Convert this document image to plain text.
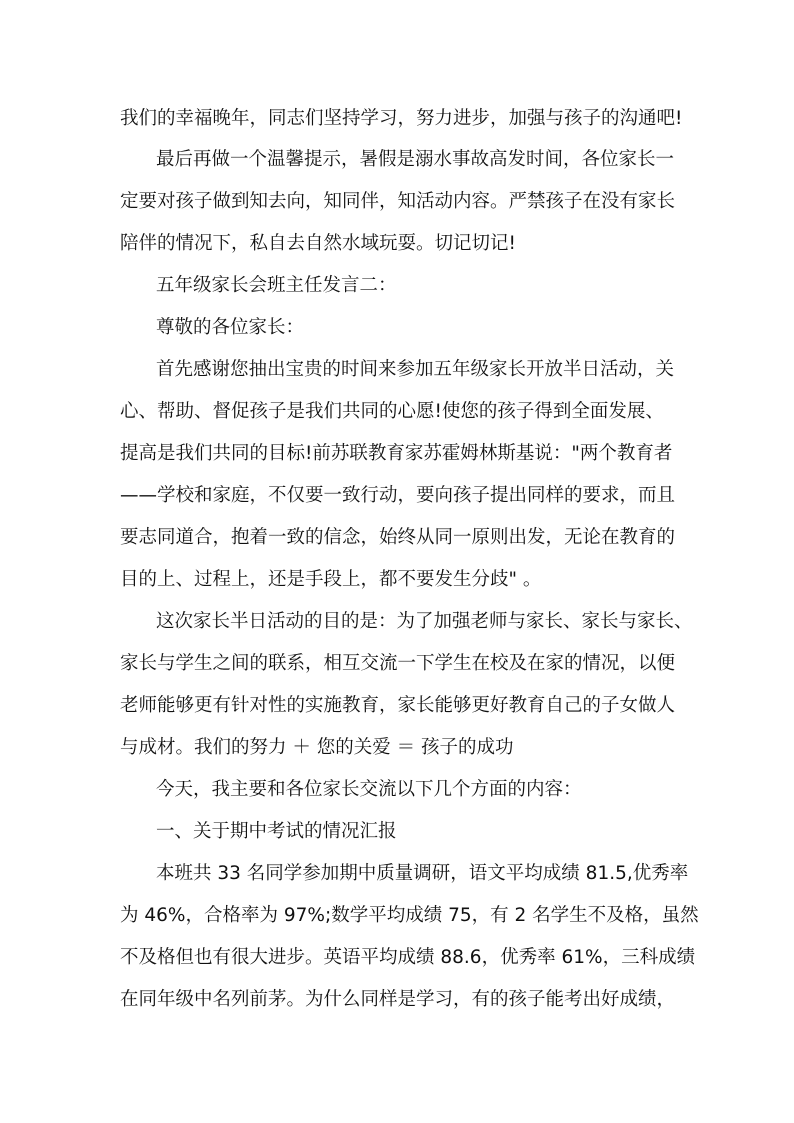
我们的幸福晚年，同志们坚持学习，努力进步，加强与孩子的沟通吧!
最后再做一个温馨提示，暑假是溺水事故高发时间，各位家长一
定要对孩子做到知去向，知同伴，知活动内容。严禁孩子在没有家长
陪伴的情况下，私自去自然水域玩耍。切记切记!
五年级家长会班主任发言二：
尊敬的各位家长：
首先感谢您抽出宝贵的时间来参加五年级家长开放半日活动，关
心、帮助、督促孩子是我们共同的心愿!使您的孩子得到全面发展、
提高是我们共同的目标!前苏联教育家苏霍姆林斯基说："两个教育者
——学校和家庭，不仅要一致行动，要向孩子提出同样的要求，而且
要志同道合，抱着一致的信念，始终从同一原则出发，无论在教育的
目的上、过程上，还是手段上，都不要发生分歧" 。
这次家长半日活动的目的是：为了加强老师与家长、家长与家长、
家长与学生之间的联系，相互交流一下学生在校及在家的情况，以便
老师能够更有针对性的实施教育，家长能够更好教育自己的子女做人
与成材。我们的努力 ＋ 您的关爱 ＝ 孩子的成功
今天，我主要和各位家长交流以下几个方面的内容：
一、关于期中考试的情况汇报
本班共 33 名同学参加期中质量调研，语文平均成绩 81.5,优秀率
为 46%，合格率为 97%;数学平均成绩 75，有 2 名学生不及格，虽然
不及格但也有很大进步。英语平均成绩 88.6，优秀率 61%，三科成绩
在同年级中名列前茅。为什么同样是学习，有的孩子能考出好成绩，
